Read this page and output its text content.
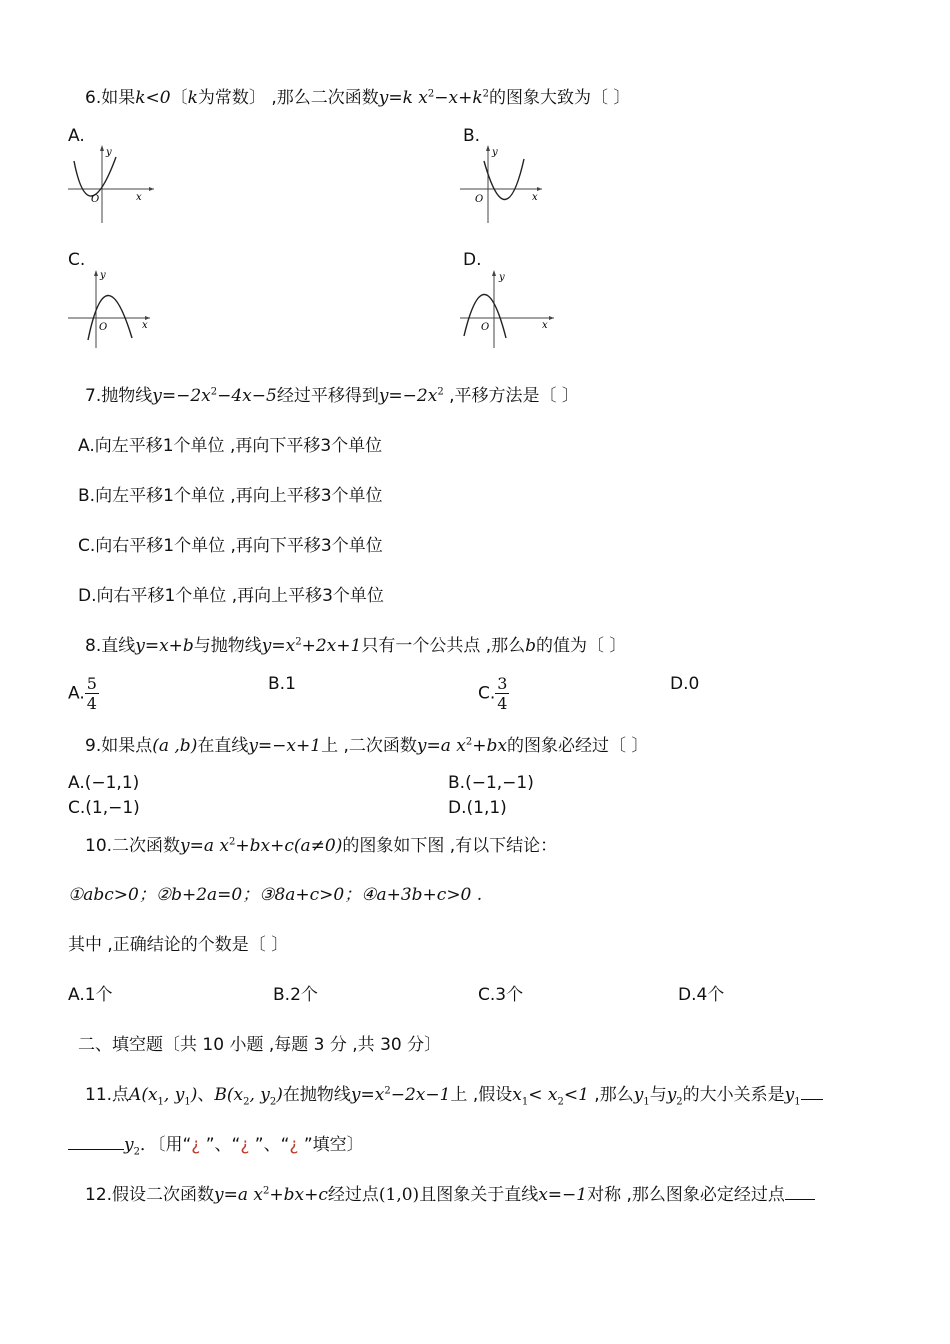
6.如果k<0〔k为常数〕 ,那么二次函数y=k $x^2-x+k^2$的图象大致为〔 〕
A.	B.
C.	D.
y
x
O
y
x
O
y
x
O
y
x
O
7.抛物线$y=-2x^2-4x-5$经过平移得到$y=-2x^2$ ,平移方法是〔 〕
A.向左平移1个单位 ,再向下平移3个单位
B.向左平移1个单位 ,再向上平移3个单位
C.向右平移1个单位 ,再向下平移3个单位
D.向右平移1个单位 ,再向上平移3个单位
8.直线y=x+b与抛物线$y=x^2+2x+1$只有一个公共点 ,那么b的值为〔 〕
A. $\frac{5}{4}$	B.1	C. $\frac{3}{4}$	D.0
9.如果点(a ,b)在直线y=−x+1上 ,二次函数y=a $x^2+bx$的图象必经过〔 〕
A.(−1,1)	B.(−1,−1)
C.(1,−1)	D.(1,1)
10.二次函数y=a $x^2+bx+c(a\ne 0)$的图象如下图 ,有以下结论：
①abc>0；②b+2a=0；③8a+c>0；④a+3b+c>0 .
其中 ,正确结论的个数是〔 〕
A.1个	B.2个	C.3个	D.4个
二、填空题〔共 10 小题 ,每题 3 分 ,共 30 分〕
11.点$A(x_1$, $y_1$)、$B(x_2$, $y_2$)在抛物线$y=x^2-2x-1$上 ,假设$x_1< x_2<1$ ,那么$y_1$与$y_2$的大小关系是$y_1$
$y_2$．〔用“¿ ”、“¿ ”、“¿ ”填空〕
12.假设二次函数y=a $x^2+bx+c$经过点(1,0)且图象关于直线x=−1对称 ,那么图象必定经过点
